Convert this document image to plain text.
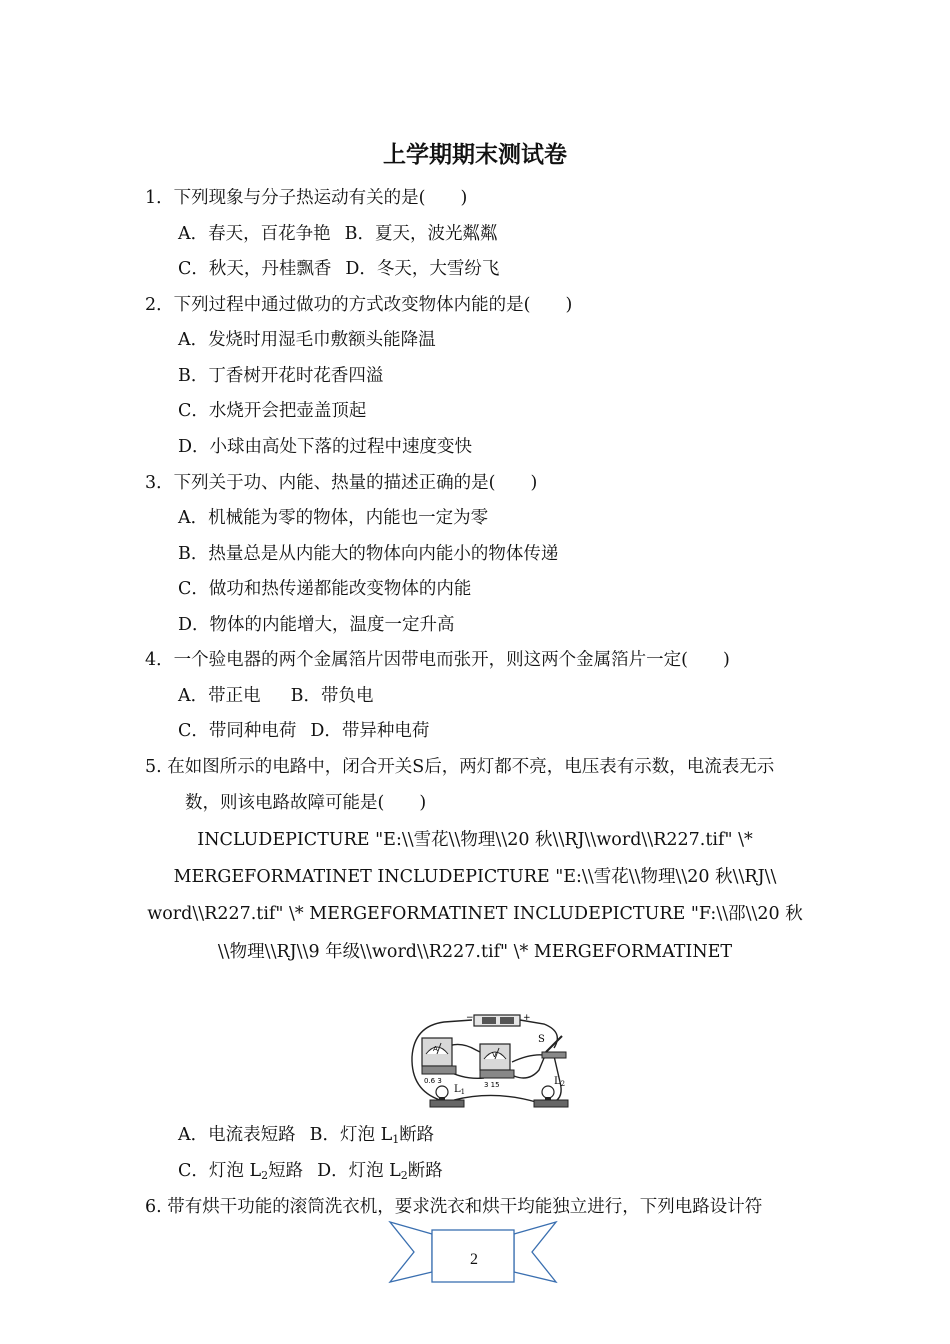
上学期期末测试卷
1．下列现象与分子热运动有关的是(　　)
A．春天，百花争艳 B．夏天，波光粼粼
C．秋天，丹桂飘香 D．冬天，大雪纷飞
2．下列过程中通过做功的方式改变物体内能的是(　　)
A．发烧时用湿毛巾敷额头能降温
B．丁香树开花时花香四溢
C．水烧开会把壶盖顶起
D．小球由高处下落的过程中速度变快
3．下列关于功、内能、热量的描述正确的是(　　)
A．机械能为零的物体，内能也一定为零
B．热量总是从内能大的物体向内能小的物体传递
C．做功和热传递都能改变物体的内能
D．物体的内能增大，温度一定升高
4．一个验电器的两个金属箔片因带电而张开，则这两个金属箔片一定(　　)
A．带正电 B．带负电
C．带同种电荷 D．带异种电荷
5. 在如图所示的电路中，闭合开关S后，两灯都不亮，电压表有示数，电流表无示
数，则该电路故障可能是(　　)
INCLUDEPICTURE "E:\\雪花\\物理\\20 秋\\RJ\\word\\R227.tif" \*
MERGEFORMATINET INCLUDEPICTURE "E:\\雪花\\物理\\20 秋\\RJ\\
word\\R227.tif" \* MERGEFORMATINET INCLUDEPICTURE "F:\\邵\\20 秋
\\物理\\RJ\\9 年级\\word\\R227.tif" \* MERGEFORMATINET
−	+
A
0.6 3
V
3 15
S
$L_1$
$L_2$
A．电流表短路 B．灯泡 $L_1$断路
C．灯泡 $L_2$短路 D．灯泡 $L_2$断路
6. 带有烘干功能的滚筒洗衣机，要求洗衣和烘干均能独立进行，下列电路设计符
2
